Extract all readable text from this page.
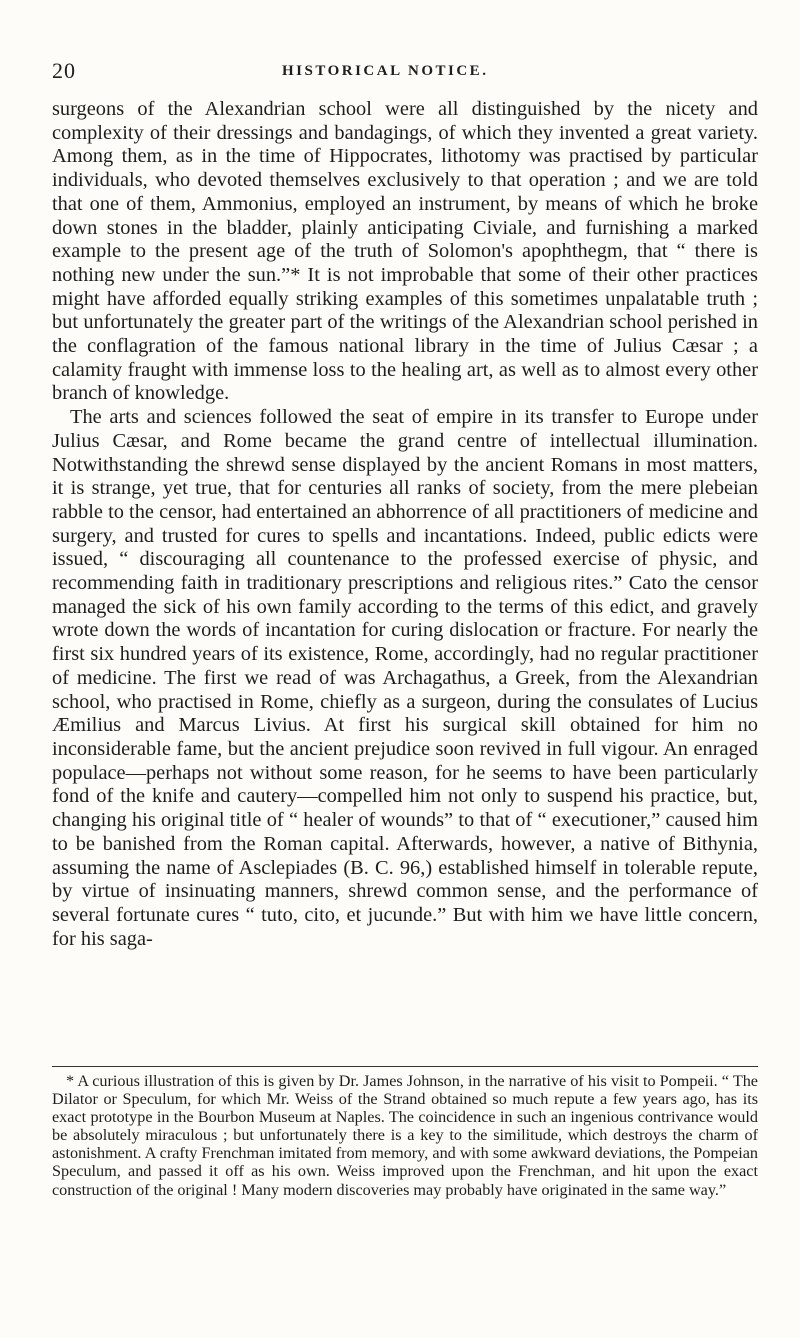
20	HISTORICAL NOTICE.

surgeons of the Alexandrian school were all distinguished by the nicety and complexity of their dressings and bandagings, of which they invented a great variety. Among them, as in the time of Hippocrates, lithotomy was practised by particular individuals, who devoted themselves exclusively to that operation ; and we are told that one of them, Ammonius, employed an instrument, by means of which he broke down stones in the bladder, plainly anticipating Civiale, and furnishing a marked example to the present age of the truth of Solomon's apophthegm, that “ there is nothing new under the sun.”* It is not improbable that some of their other practices might have afforded equally striking examples of this sometimes unpalatable truth ; but unfortunately the greater part of the writings of the Alexandrian school perished in the conflagration of the famous national library in the time of Julius Cæsar ; a calamity fraught with immense loss to the healing art, as well as to almost every other branch of knowledge.

The arts and sciences followed the seat of empire in its transfer to Europe under Julius Cæsar, and Rome became the grand centre of intellectual illumination. Notwithstanding the shrewd sense displayed by the ancient Romans in most matters, it is strange, yet true, that for centuries all ranks of society, from the mere plebeian rabble to the censor, had entertained an abhorrence of all practitioners of medicine and surgery, and trusted for cures to spells and incantations. Indeed, public edicts were issued, “ discouraging all countenance to the professed exercise of physic, and recommending faith in traditionary prescriptions and religious rites.” Cato the censor managed the sick of his own family according to the terms of this edict, and gravely wrote down the words of incantation for curing dislocation or fracture. For nearly the first six hundred years of its existence, Rome, accordingly, had no regular practitioner of medicine. The first we read of was Archagathus, a Greek, from the Alexandrian school, who practised in Rome, chiefly as a surgeon, during the consulates of Lucius Æmilius and Marcus Livius. At first his surgical skill obtained for him no inconsiderable fame, but the ancient prejudice soon revived in full vigour. An enraged populace—perhaps not without some reason, for he seems to have been particularly fond of the knife and cautery—compelled him not only to suspend his practice, but, changing his original title of “ healer of wounds” to that of “ executioner,” caused him to be banished from the Roman capital. Afterwards, however, a native of Bithynia, assuming the name of Asclepiades (B. C. 96,) established himself in tolerable repute, by virtue of insinuating manners, shrewd common sense, and the performance of several fortunate cures “ tuto, cito, et jucunde.” But with him we have little concern, for his saga-

* A curious illustration of this is given by Dr. James Johnson, in the narrative of his visit to Pompeii. “ The Dilator or Speculum, for which Mr. Weiss of the Strand obtained so much repute a few years ago, has its exact prototype in the Bourbon Museum at Naples. The coincidence in such an ingenious contrivance would be absolutely miraculous ; but unfortunately there is a key to the similitude, which destroys the charm of astonishment. A crafty Frenchman imitated from memory, and with some awkward deviations, the Pompeian Speculum, and passed it off as his own. Weiss improved upon the Frenchman, and hit upon the exact construction of the original ! Many modern discoveries may probably have originated in the same way.”
